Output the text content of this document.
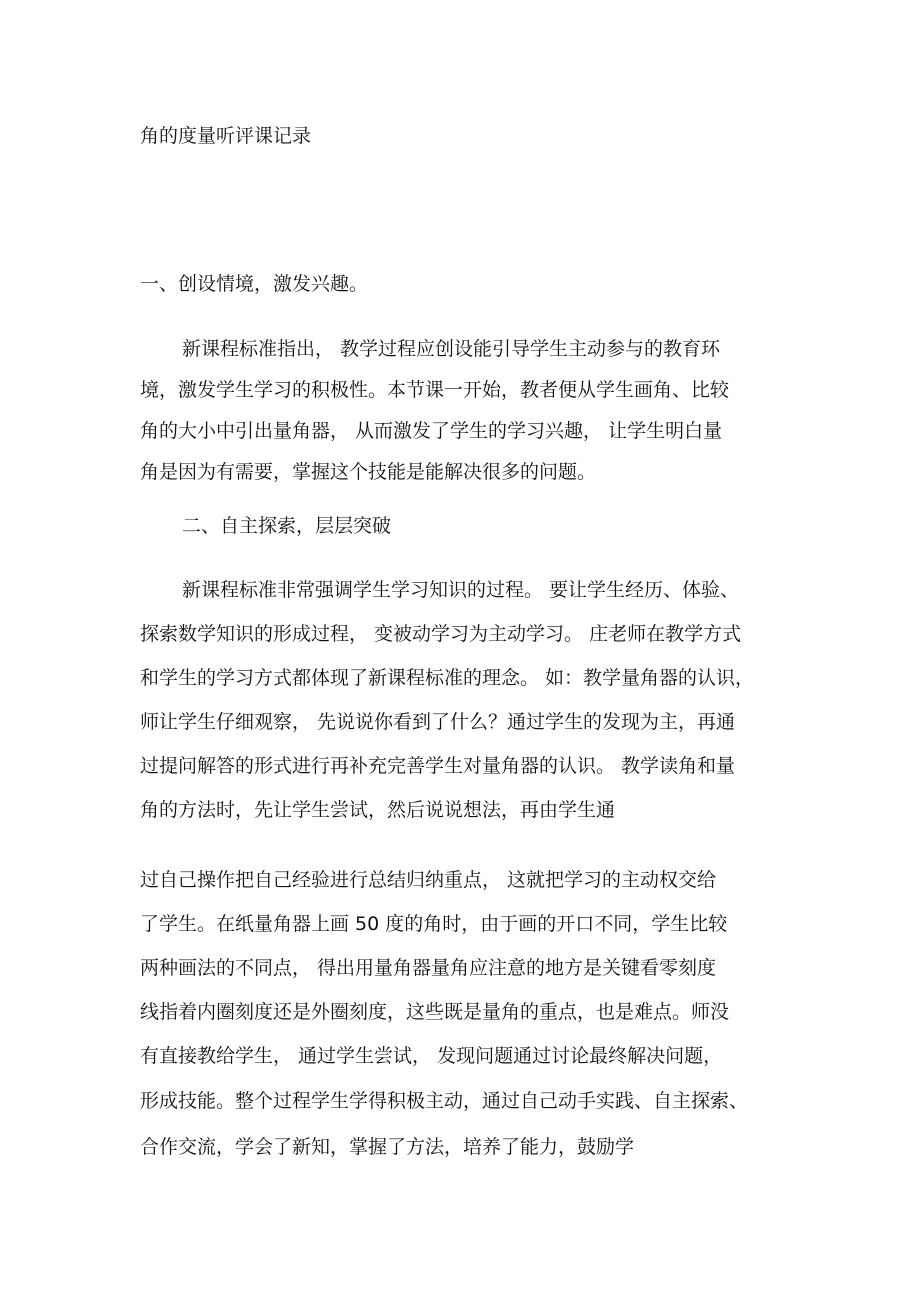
角的度量听评课记录
一、创设情境，激发兴趣。
新课程标准指出， 教学过程应创设能引导学生主动参与的教育环
境，激发学生学习的积极性。本节课一开始，教者便从学生画角、比较
角的大小中引出量角器， 从而激发了学生的学习兴趣， 让学生明白量
角是因为有需要，掌握这个技能是能解决很多的问题。
二、自主探索，层层突破
新课程标准非常强调学生学习知识的过程。 要让学生经历、体验、
探索数学知识的形成过程， 变被动学习为主动学习。 庄老师在教学方式
和学生的学习方式都体现了新课程标准的理念。 如：教学量角器的认识，
师让学生仔细观察， 先说说你看到了什么？通过学生的发现为主，再通
过提问解答的形式进行再补充完善学生对量角器的认识。 教学读角和量
角的方法时，先让学生尝试，然后说说想法，再由学生通
过自己操作把自己经验进行总结归纳重点， 这就把学习的主动权交给
了学生。在纸量角器上画 50 度的角时，由于画的开口不同，学生比较
两种画法的不同点， 得出用量角器量角应注意的地方是关键看零刻度
线指着内圈刻度还是外圈刻度，这些既是量角的重点，也是难点。师没
有直接教给学生， 通过学生尝试， 发现问题通过讨论最终解决问题，
形成技能。整个过程学生学得积极主动，通过自己动手实践、自主探索、
合作交流，学会了新知，掌握了方法，培养了能力，鼓励学
